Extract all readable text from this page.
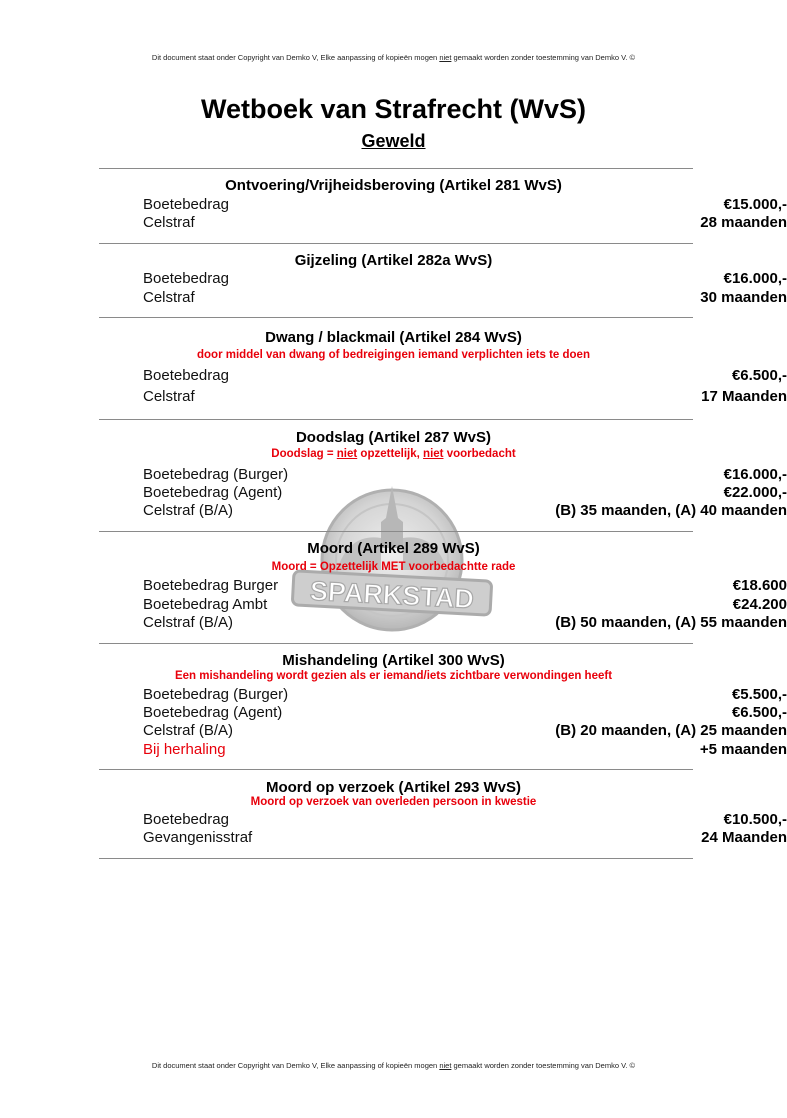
Dit document staat onder Copyright van Demko V, Elke aanpassing of kopieën mogen niet gemaakt worden zonder toestemming van Demko V. ©
Wetboek van Strafrecht (WvS)
Geweld
SPARKSTAD
Ontvoering/Vrijheidsberoving (Artikel 281 WvS)
Boetebedrag	€15.000,-
Celstraf	28 maanden
Gijzeling (Artikel 282a WvS)
Boetebedrag	€16.000,-
Celstraf	30 maanden
Dwang / blackmail (Artikel 284 WvS)
door middel van dwang of bedreigingen iemand verplichten iets te doen
Boetebedrag	€6.500,-
Celstraf	17 Maanden
Doodslag (Artikel 287 WvS)
Doodslag = niet opzettelijk, niet voorbedacht
Boetebedrag (Burger)	€16.000,-
Boetebedrag (Agent)	€22.000,-
Celstraf (B/A)	(B) 35 maanden, (A) 40 maanden
Moord (Artikel 289 WvS)
Moord = Opzettelijk MET voorbedachtte rade
Boetebedrag Burger	€18.600
Boetebedrag Ambt	€24.200
Celstraf (B/A)	(B) 50 maanden, (A) 55 maanden
Mishandeling (Artikel 300 WvS)
Een mishandeling wordt gezien als er iemand/iets zichtbare verwondingen heeft
Boetebedrag (Burger)	€5.500,-
Boetebedrag (Agent)	€6.500,-
Celstraf (B/A)	(B) 20 maanden, (A) 25 maanden
Bij herhaling	+5 maanden
Moord op verzoek (Artikel 293 WvS)
Moord op verzoek van overleden persoon in kwestie
Boetebedrag	€10.500,-
Gevangenisstraf	24 Maanden
Dit document staat onder Copyright van Demko V, Elke aanpassing of kopieën mogen niet gemaakt worden zonder toestemming van Demko V. ©
